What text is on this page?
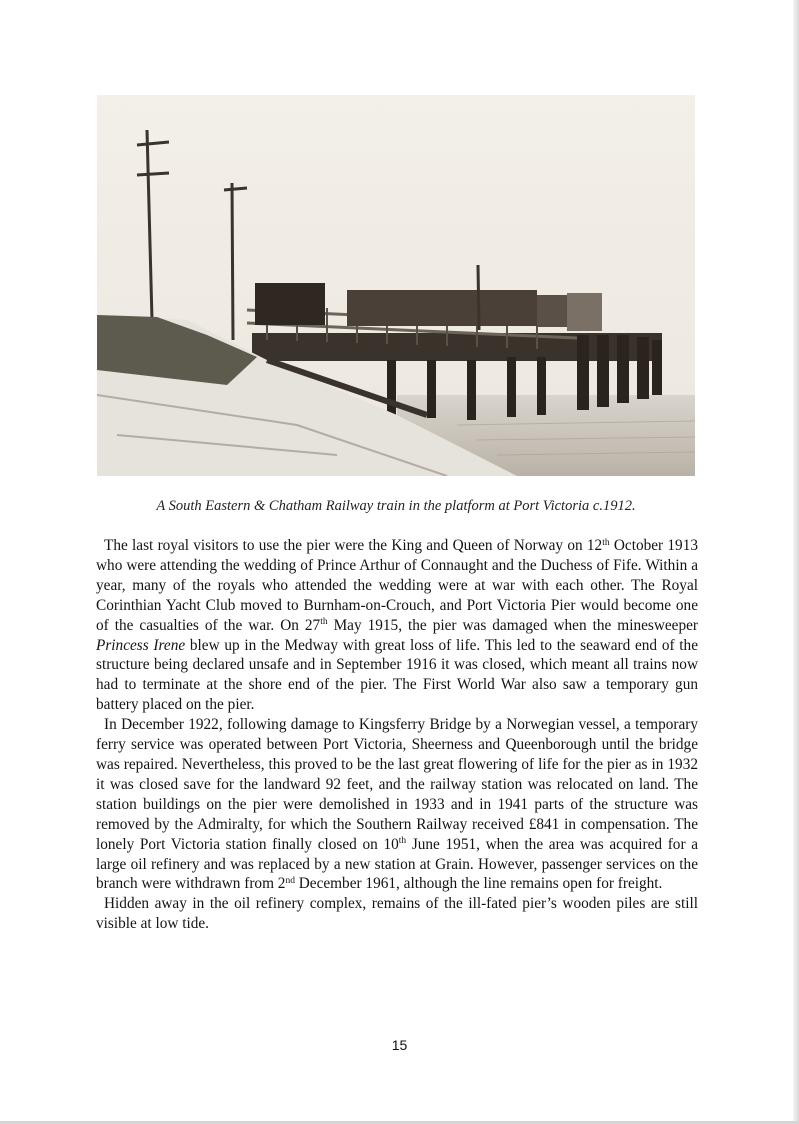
A South Eastern & Chatham Railway train in the platform at Port Victoria c.1912.

The last royal visitors to use the pier were the King and Queen of Norway on 12th October 1913 who were attending the wedding of Prince Arthur of Connaught and the Duchess of Fife. Within a year, many of the royals who attended the wedding were at war with each other. The Royal Corinthian Yacht Club moved to Burnham-on-Crouch, and Port Victoria Pier would become one of the casualties of the war. On 27th May 1915, the pier was damaged when the minesweeper Princess Irene blew up in the Medway with great loss of life. This led to the seaward end of the structure being declared unsafe and in September 1916 it was closed, which meant all trains now had to terminate at the shore end of the pier. The First World War also saw a temporary gun battery placed on the pier.

In December 1922, following damage to Kingsferry Bridge by a Norwegian vessel, a temporary ferry service was operated between Port Victoria, Sheerness and Queenborough until the bridge was repaired. Nevertheless, this proved to be the last great flowering of life for the pier as in 1932 it was closed save for the landward 92 feet, and the railway station was relocated on land. The station buildings on the pier were demolished in 1933 and in 1941 parts of the structure was removed by the Admiralty, for which the Southern Railway received £841 in compensation. The lonely Port Victoria station finally closed on 10th June 1951, when the area was acquired for a large oil refinery and was replaced by a new station at Grain. However, passenger services on the branch were withdrawn from 2nd December 1961, although the line remains open for freight.

Hidden away in the oil refinery complex, remains of the ill-fated pier’s wooden piles are still visible at low tide.

15
